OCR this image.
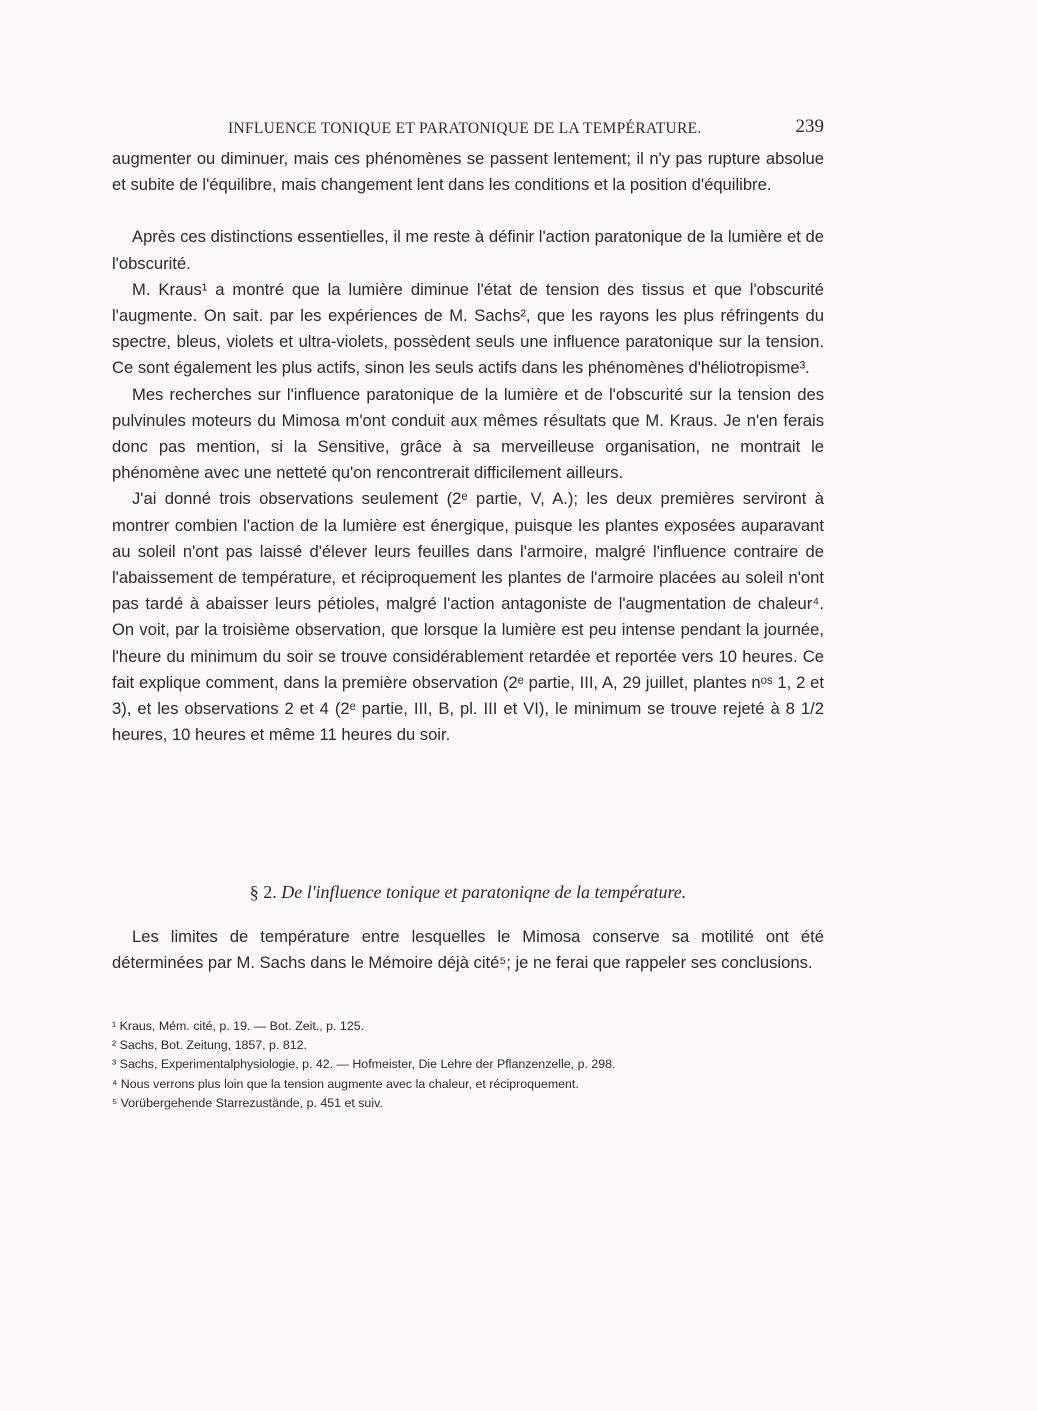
INFLUENCE TONIQUE ET PARATONIQUE DE LA TEMPÉRATURE.	239

augmenter ou diminuer, mais ces phénomènes se passent lentement; il n'y pas rupture absolue et subite de l'équilibre, mais changement lent dans les conditions et la position d'équilibre.

Après ces distinctions essentielles, il me reste à définir l'action paratonique de la lumière et de l'obscurité.

M. Kraus¹ a montré que la lumière diminue l'état de tension des tissus et que l'obscurité l'augmente. On sait. par les expériences de M. Sachs², que les rayons les plus réfringents du spectre, bleus, violets et ultra-violets, possèdent seuls une influence paratonique sur la tension. Ce sont également les plus actifs, sinon les seuls actifs dans les phénomènes d'héliotropisme³.

Mes recherches sur l'influence paratonique de la lumière et de l'obscurité sur la tension des pulvinules moteurs du Mimosa m'ont conduit aux mêmes résultats que M. Kraus. Je n'en ferais donc pas mention, si la Sensitive, grâce à sa merveilleuse organisation, ne montrait le phénomène avec une netteté qu'on rencontrerait difficilement ailleurs.

J'ai donné trois observations seulement (2ᵉ partie, V, A.); les deux premières serviront à montrer combien l'action de la lumière est énergique, puisque les plantes exposées auparavant au soleil n'ont pas laissé d'élever leurs feuilles dans l'armoire, malgré l'influence contraire de l'abaissement de température, et réciproquement les plantes de l'armoire placées au soleil n'ont pas tardé à abaisser leurs pétioles, malgré l'action antagoniste de l'augmentation de chaleur⁴. On voit, par la troisième observation, que lorsque la lumière est peu intense pendant la journée, l'heure du minimum du soir se trouve considérablement retardée et reportée vers 10 heures. Ce fait explique comment, dans la première observation (2ᵉ partie, III, A, 29 juillet, plantes nᵒˢ 1, 2 et 3), et les observations 2 et 4 (2ᵉ partie, III, B, pl. III et VI), le minimum se trouve rejeté à 8 1/2 heures, 10 heures et même 11 heures du soir.

§ 2. De l'influence tonique et paratoniqne de la température.

Les limites de température entre lesquelles le Mimosa conserve sa motilité ont été déterminées par M. Sachs dans le Mémoire déjà cité⁵; je ne ferai que rappeler ses conclusions.

¹ Kraus, Mém. cité, p. 19. — Bot. Zeit., p. 125.
² Sachs, Bot. Zeitung, 1857, p. 812.
³ Sachs, Experimentalphysiologie, p. 42. — Hofmeister, Die Lehre der Pflanzenzelle, p. 298.
⁴ Nous verrons plus loin que la tension augmente avec la chaleur, et réciproquement.
⁵ Vorübergehende Starrezustände, p. 451 et suiv.
